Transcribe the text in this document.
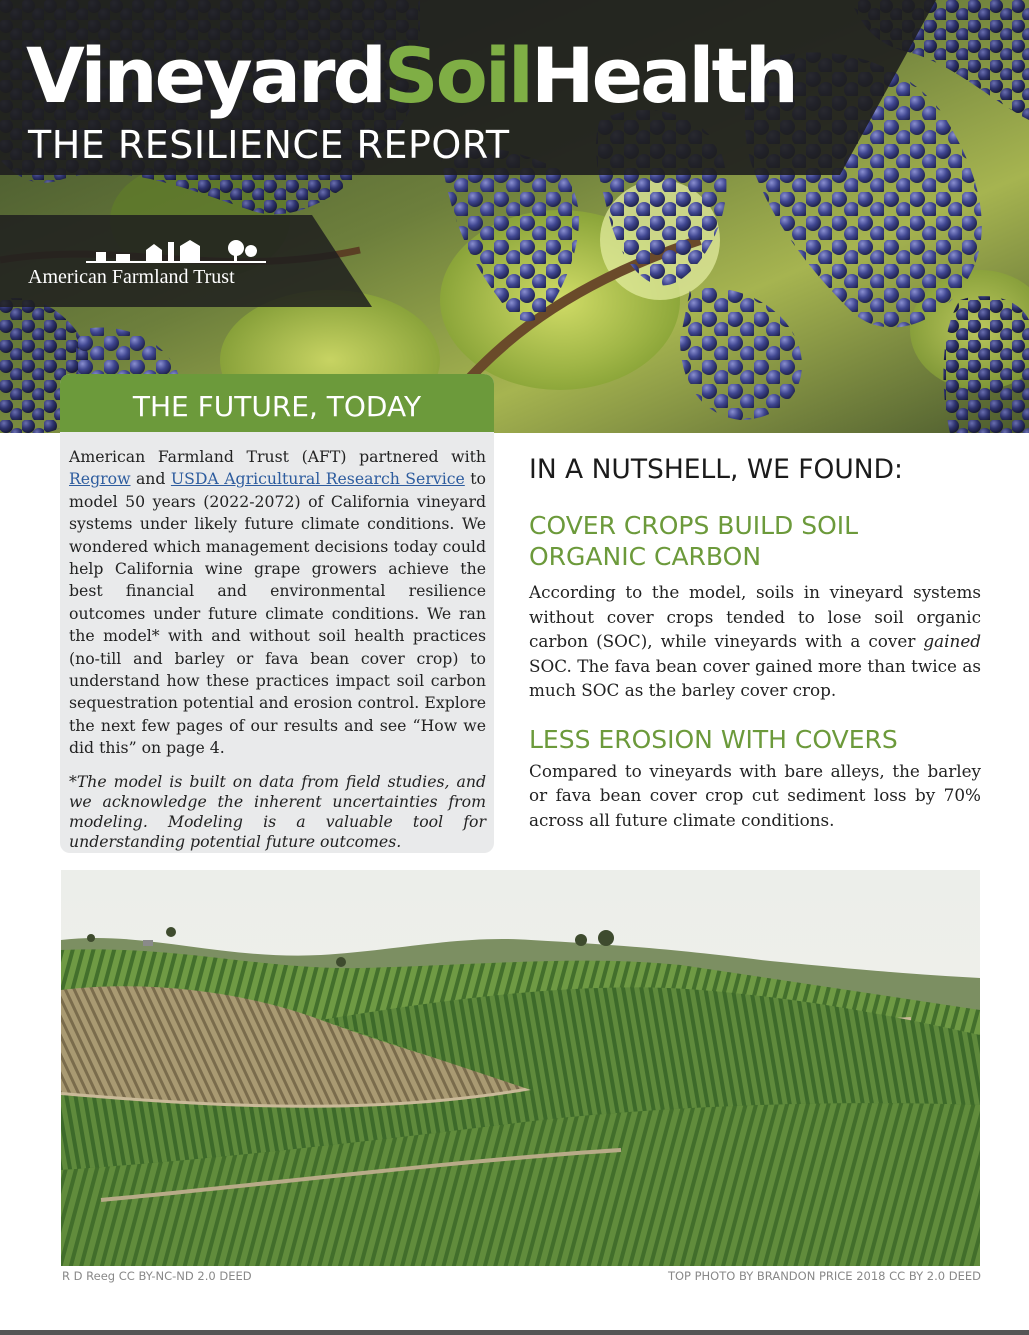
VineyardSoilHealth

THE RESILIENCE REPORT

American Farmland Trust
THE FUTURE, TODAY

American Farmland Trust (AFT) partnered with Regrow and USDA Agricultural Research Service to model 50 years (2022-2072) of California vineyard systems under likely future climate conditions. We wondered which management decisions today could help California wine grape growers achieve the best financial and environmental resilience outcomes under future climate conditions. We ran the model* with and without soil health practices (no-till and barley or fava bean cover crop) to understand how these practices impact soil carbon sequestration potential and erosion control. Explore the next few pages of our results and see “How we did this” on page 4.

*The model is built on data from field studies, and we acknowledge the inherent uncertainties from modeling. Modeling is a valuable tool for understanding potential future outcomes.

IN A NUTSHELL, WE FOUND:
COVER CROPS BUILD SOIL ORGANIC CARBON

According to the model, soils in vineyard systems without cover crops tended to lose soil organic carbon (SOC), while vineyards with a cover gained SOC. The fava bean cover gained more than twice as much SOC as the barley cover crop.

LESS EROSION WITH COVERS

Compared to vineyards with bare alleys, the barley or fava bean cover crop cut sediment loss by 70% across all future climate conditions.

R D Reeg CC BY-NC-ND 2.0 DEED	TOP PHOTO BY BRANDON PRICE 2018 CC BY 2.0 DEED
